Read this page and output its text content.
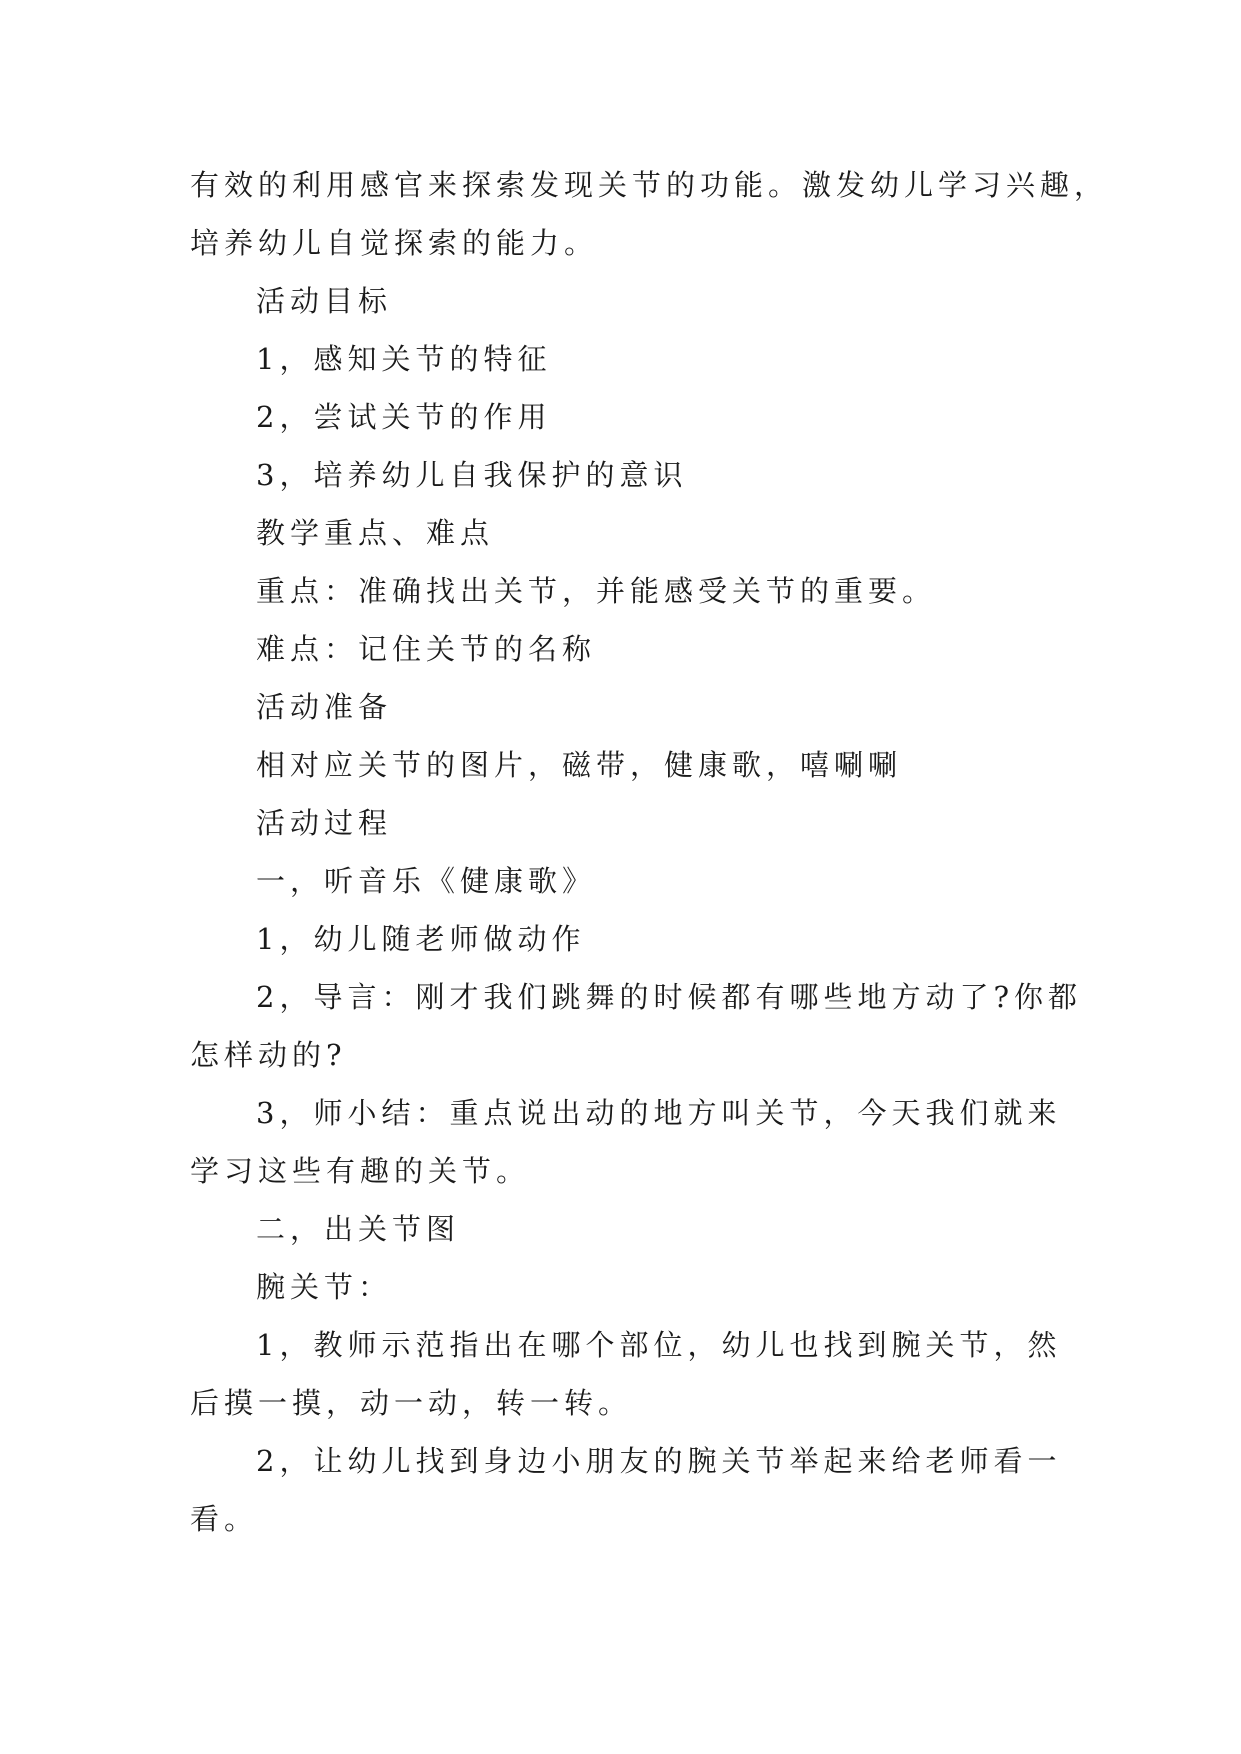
有效的利用感官来探索发现关节的功能。激发幼儿学习兴趣，
培养幼儿自觉探索的能力。
活动目标
1，感知关节的特征
2，尝试关节的作用
3，培养幼儿自我保护的意识
教学重点、难点
重点：准确找出关节，并能感受关节的重要。
难点：记住关节的名称
活动准备
相对应关节的图片，磁带，健康歌，嘻唰唰
活动过程
一，听音乐《健康歌》
1，幼儿随老师做动作
2，导言：刚才我们跳舞的时候都有哪些地方动了?你都
怎样动的?
3，师小结：重点说出动的地方叫关节，今天我们就来
学习这些有趣的关节。
二，出关节图
腕关节：
1，教师示范指出在哪个部位，幼儿也找到腕关节，然
后摸一摸，动一动，转一转。
2，让幼儿找到身边小朋友的腕关节举起来给老师看一
看。
